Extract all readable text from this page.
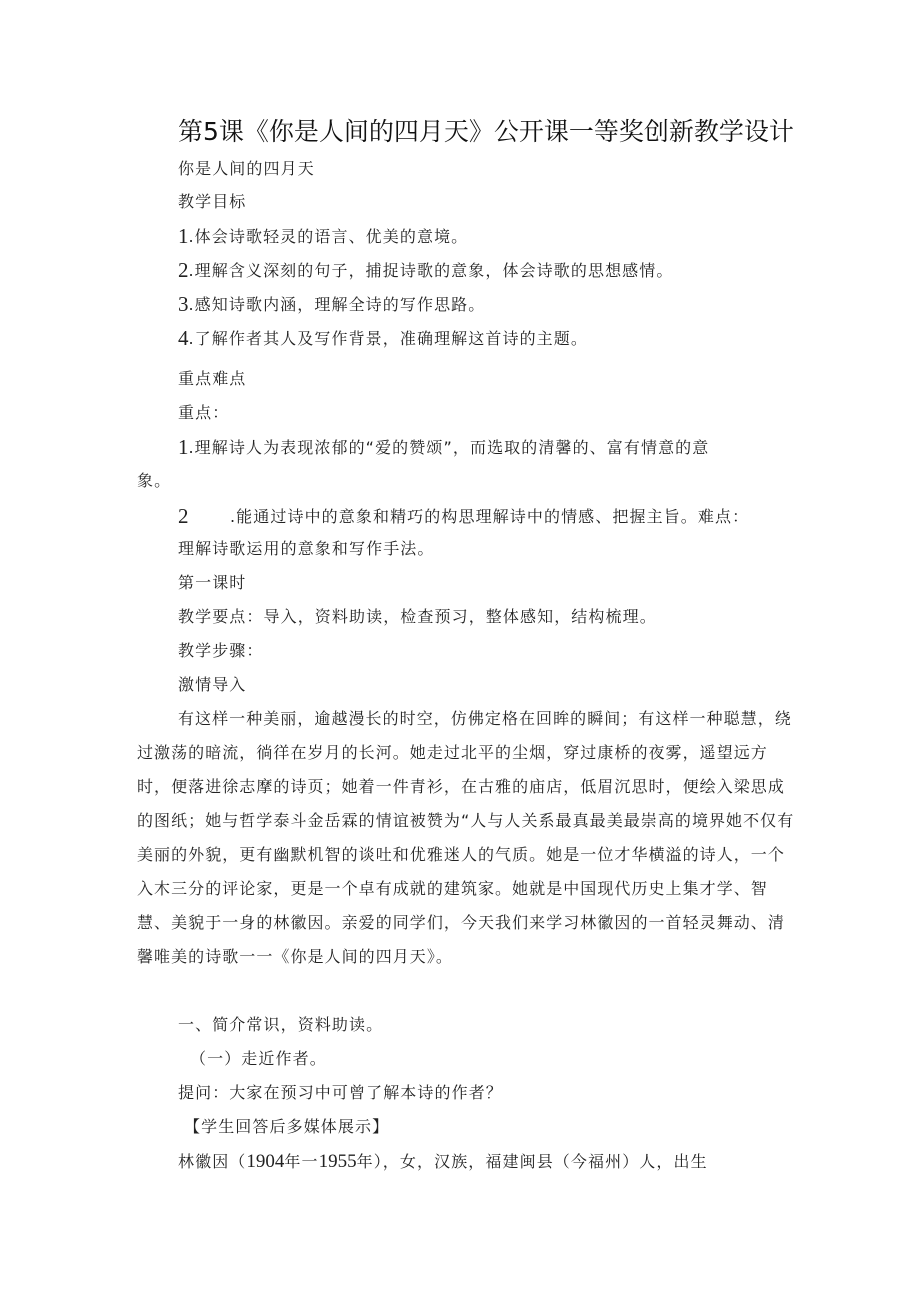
第5课《你是人间的四月天》公开课一等奖创新教学设计
你是人间的四月天
教学目标
1.体会诗歌轻灵的语言、优美的意境。
2.理解含义深刻的句子，捕捉诗歌的意象，体会诗歌的思想感情。
3.感知诗歌内涵，理解全诗的写作思路。
4.了解作者其人及写作背景，准确理解这首诗的主题。
重点难点
重点：
1.理解诗人为表现浓郁的“爱的赞颂”，而选取的清馨的、富有情意的意
象。
2	.能通过诗中的意象和精巧的构思理解诗中的情感、把握主旨。难点：
理解诗歌运用的意象和写作手法。
第一课时
教学要点：导入，资料助读，检查预习，整体感知，结构梳理。
教学步骤：
激情导入
有这样一种美丽，逾越漫长的时空，仿佛定格在回眸的瞬间；有这样一种聪慧，绕过激荡的暗流，徜徉在岁月的长河。她走过北平的尘烟，穿过康桥的夜雾，遥望远方时，便落进徐志摩的诗页；她着一件青衫，在古雅的庙店，低眉沉思时，便绘入梁思成的图纸；她与哲学泰斗金岳霖的情谊被赞为“人与人关系最真最美最崇高的境界她不仅有美丽的外貌，更有幽默机智的谈吐和优雅迷人的气质。她是一位才华横溢的诗人，一个入木三分的评论家，更是一个卓有成就的建筑家。她就是中国现代历史上集才学、智慧、美貌于一身的林徽因。亲爱的同学们，今天我们来学习林徽因的一首轻灵舞动、清馨唯美的诗歌一一《你是人间的四月天》。
一、简介常识，资料助读。
（一）走近作者。
提问：大家在预习中可曾了解本诗的作者？
【学生回答后多媒体展示】
林徽因（1904年一1955年），女，汉族，福建闽县（今福州）人，出生
